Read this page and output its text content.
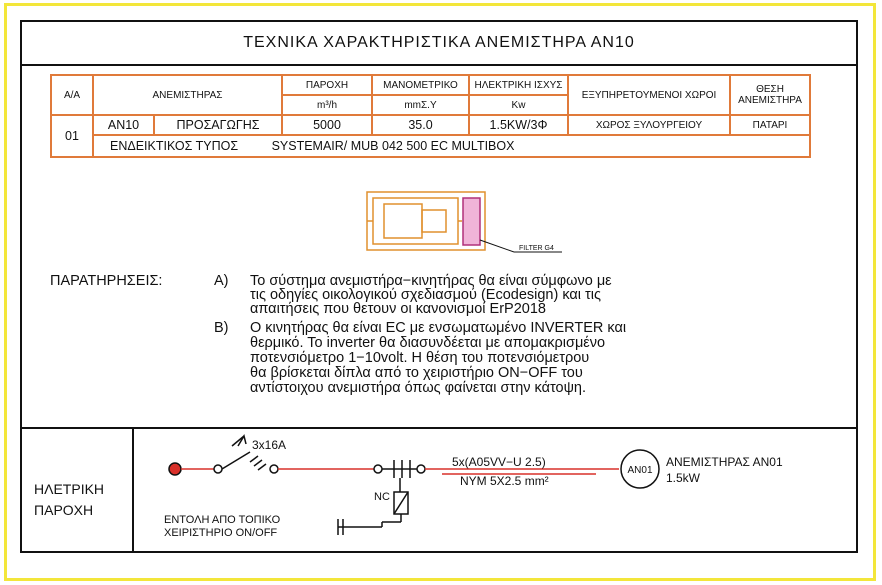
ΤΕΧΝΙΚΑ ΧΑΡΑΚΤΗΡΙΣΤΙΚΑ ΑΝΕΜΙΣΤΗΡΑ ΑΝ10
Α/Α	ΑΝΕΜΙΣΤΗΡΑΣ		ΠΑΡΟΧΗ	ΜΑΝΟΜΕΤΡΙΚΟ	ΗΛΕΚΤΡΙΚΗ ΙΣΧΥΣ	ΕΞΥΠΗΡΕΤΟΥΜΕΝΟΙ ΧΩΡΟΙ	ΘΕΣΗ ΑΝΕΜΙΣΤΗΡΑ
			m³/h	mmΣ.Υ	Kw		
01	ΑΝ10	ΠΡΟΣΑΓΩΓΗΣ	5000	35.0	1.5KW/3Φ	ΧΩΡΟΣ ΞΥΛΟΥΡΓΕΙΟΥ	ΠΑΤΑΡΙ
	ΕΝΔΕΙΚΤΙΚΟΣ ΤΥΠΟΣ SYSTEMAIR/ MUB 042 500 EC MULTIBOX						
FILTER G4
ΠΑΡΑΤΗΡΗΣΕΙΣ:	Α) Το σύστημα ανεμιστήρα−κινητήρας θα είναι σύμφωνο με
τις οδηγίες οικολογικού σχεδιασμού (Ecodesign) και τις
απαιτήσεις που θετουν οι κανονισμοί ErP2018
Β) Ο κινητήρας θα είναι EC με ενσωματωμένο INVERTER και
θερμικό. Το inverter θα διασυνδέεται με απομακρισμένο
ποτενσιόμετρο 1−10volt. Η θέση του ποτενσιόμετρου
θα βρίσκεται δίπλα από το χειριστήριο ON−OFF του
αντίστοιχου ανεμιστήρα όπως φαίνεται στην κάτοψη.
ΗΛΕΤΡΙΚΗ
ΠΑΡΟΧΗ
3x16A
5x(A05VV−U 2.5)
NYM 5X2.5 mm²
AN01
ΑΝΕΜΙΣΤΗΡΑΣ ΑΝ01
1.5kW
NC
ΕΝΤΟΛΗ ΑΠΟ ΤΟΠΙΚΟ
ΧΕΙΡΙΣΤΗΡΙΟ ON/OFF
